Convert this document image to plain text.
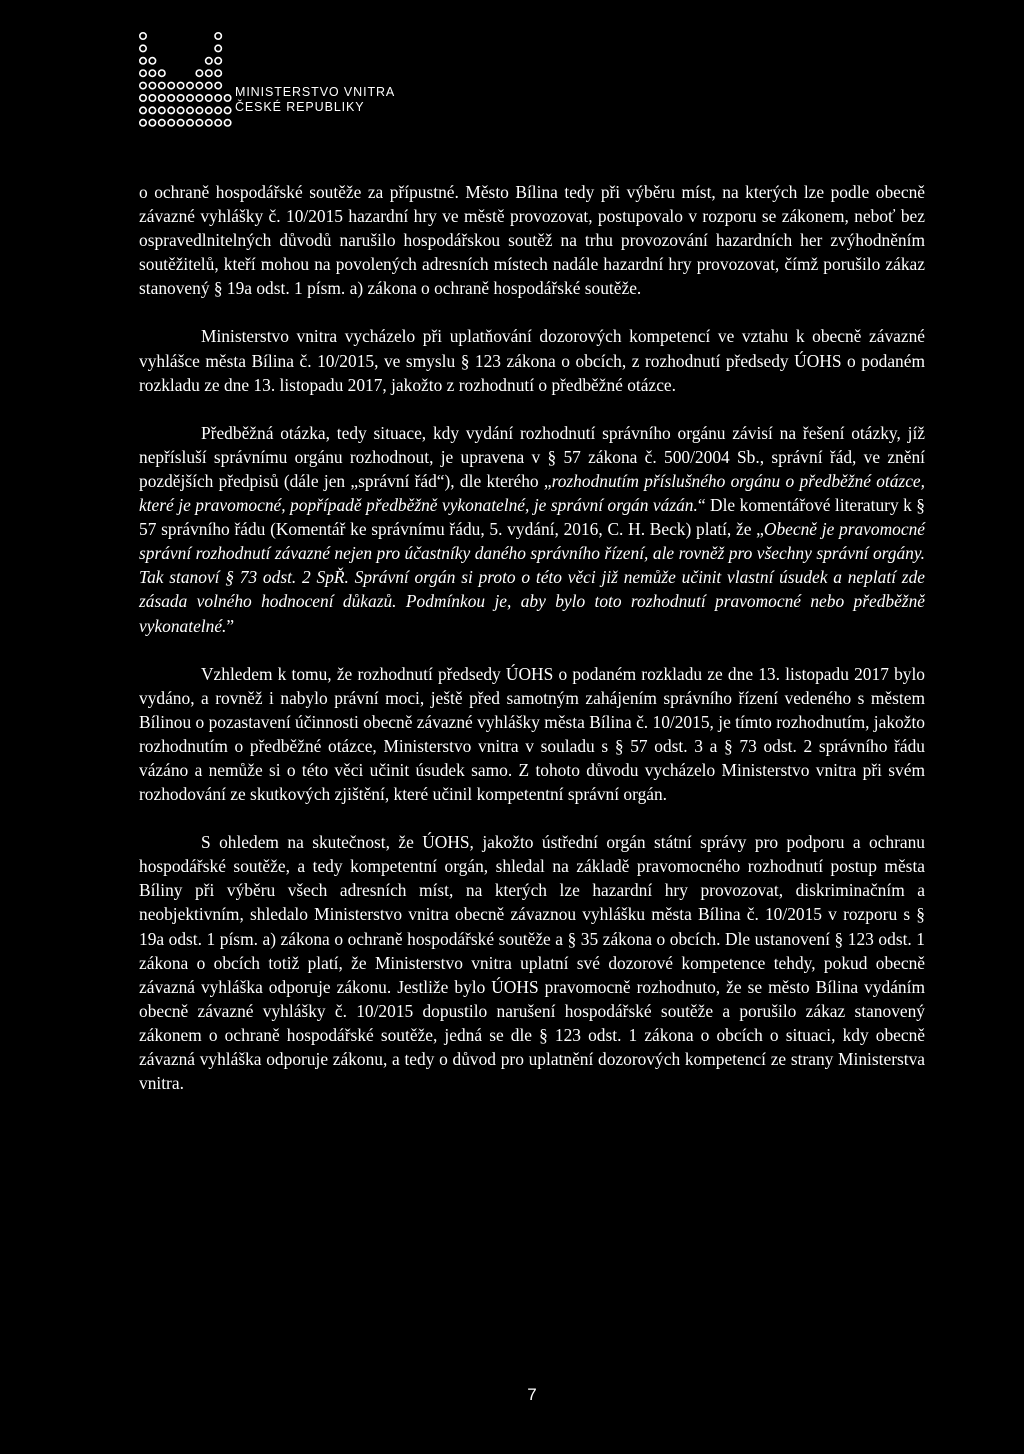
MINISTERSTVO VNITRA
ČESKÉ REPUBLIKY

o ochraně hospodářské soutěže za přípustné. Město Bílina tedy při výběru míst, na kterých lze podle obecně závazné vyhlášky č. 10/2015 hazardní hry ve městě provozovat, postupovalo v rozporu se zákonem, neboť bez ospravedlnitelných důvodů narušilo hospodářskou soutěž na trhu provozování hazardních her zvýhodněním soutěžitelů, kteří mohou na povolených adresních místech nadále hazardní hry provozovat, čímž porušilo zákaz stanovený § 19a odst. 1 písm. a) zákona o ochraně hospodářské soutěže.

Ministerstvo vnitra vycházelo při uplatňování dozorových kompetencí ve vztahu k obecně závazné vyhlášce města Bílina č. 10/2015, ve smyslu § 123 zákona o obcích, z rozhodnutí předsedy ÚOHS o podaném rozkladu ze dne 13. listopadu 2017, jakožto z rozhodnutí o předběžné otázce.

Předběžná otázka, tedy situace, kdy vydání rozhodnutí správního orgánu závisí na řešení otázky, jíž nepřísluší správnímu orgánu rozhodnout, je upravena v § 57 zákona č. 500/2004 Sb., správní řád, ve znění pozdějších předpisů (dále jen „správní řád“), dle kterého „rozhodnutím příslušného orgánu o předběžné otázce, které je pravomocné, popřípadě předběžně vykonatelné, je správní orgán vázán.“ Dle komentářové literatury k § 57 správního řádu (Komentář ke správnímu řádu, 5. vydání, 2016, C. H. Beck) platí, že „Obecně je pravomocné správní rozhodnutí závazné nejen pro účastníky daného správního řízení, ale rovněž pro všechny správní orgány. Tak stanoví § 73 odst. 2 SpŘ. Správní orgán si proto o této věci již nemůže učinit vlastní úsudek a neplatí zde zásada volného hodnocení důkazů. Podmínkou je, aby bylo toto rozhodnutí pravomocné nebo předběžně vykonatelné.”

Vzhledem k tomu, že rozhodnutí předsedy ÚOHS o podaném rozkladu ze dne 13. listopadu 2017 bylo vydáno, a rovněž i nabylo právní moci, ještě před samotným zahájením správního řízení vedeného s městem Bílinou o pozastavení účinnosti obecně závazné vyhlášky města Bílina č. 10/2015, je tímto rozhodnutím, jakožto rozhodnutím o předběžné otázce, Ministerstvo vnitra v souladu s § 57 odst. 3 a § 73 odst. 2 správního řádu vázáno a nemůže si o této věci učinit úsudek samo. Z tohoto důvodu vycházelo Ministerstvo vnitra při svém rozhodování ze skutkových zjištění, které učinil kompetentní správní orgán.

S ohledem na skutečnost, že ÚOHS, jakožto ústřední orgán státní správy pro podporu a ochranu hospodářské soutěže, a tedy kompetentní orgán, shledal na základě pravomocného rozhodnutí postup města Bíliny při výběru všech adresních míst, na kterých lze hazardní hry provozovat, diskriminačním a neobjektivním, shledalo Ministerstvo vnitra obecně závaznou vyhlášku města Bílina č. 10/2015 v rozporu s § 19a odst. 1 písm. a) zákona o ochraně hospodářské soutěže a § 35 zákona o obcích. Dle ustanovení § 123 odst. 1 zákona o obcích totiž platí, že Ministerstvo vnitra uplatní své dozorové kompetence tehdy, pokud obecně závazná vyhláška odporuje zákonu. Jestliže bylo ÚOHS pravomocně rozhodnuto, že se město Bílina vydáním obecně závazné vyhlášky č. 10/2015 dopustilo narušení hospodářské soutěže a porušilo zákaz stanovený zákonem o ochraně hospodářské soutěže, jedná se dle § 123 odst. 1 zákona o obcích o situaci, kdy obecně závazná vyhláška odporuje zákonu, a tedy o důvod pro uplatnění dozorových kompetencí ze strany Ministerstva vnitra.

7
